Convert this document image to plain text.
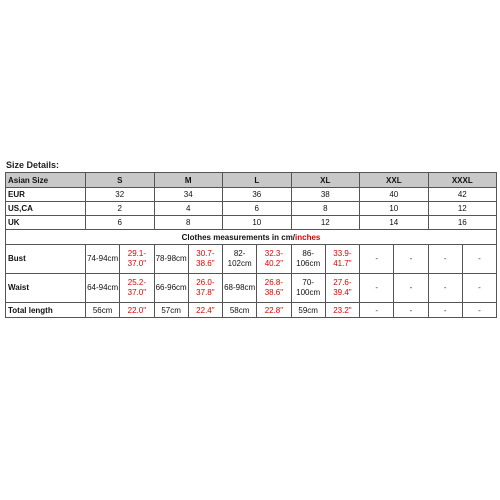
Size Details:
Asian Size	S		M		L		XL		XXL		XXXL	
EUR	32		34		36		38		40		42	
US,CA	2		4		6		8		10		12	
UK	6		8		10		12		14		16	
Clothes measurements in cm/inches												
Bust	74-94cm	29.1-37.0"	78-98cm	30.7-38.6"	82-102cm	32.3-40.2"	86-106cm	33.9-41.7"	-	-	-	-
Waist	64-94cm	25.2-37.0"	66-96cm	26.0-37.8"	68-98cm	26.8-38.6"	70-100cm	27.6-39.4"	-	-	-	-
Total length	56cm	22.0"	57cm	22.4"	58cm	22.8"	59cm	23.2"	-	-	-	-
